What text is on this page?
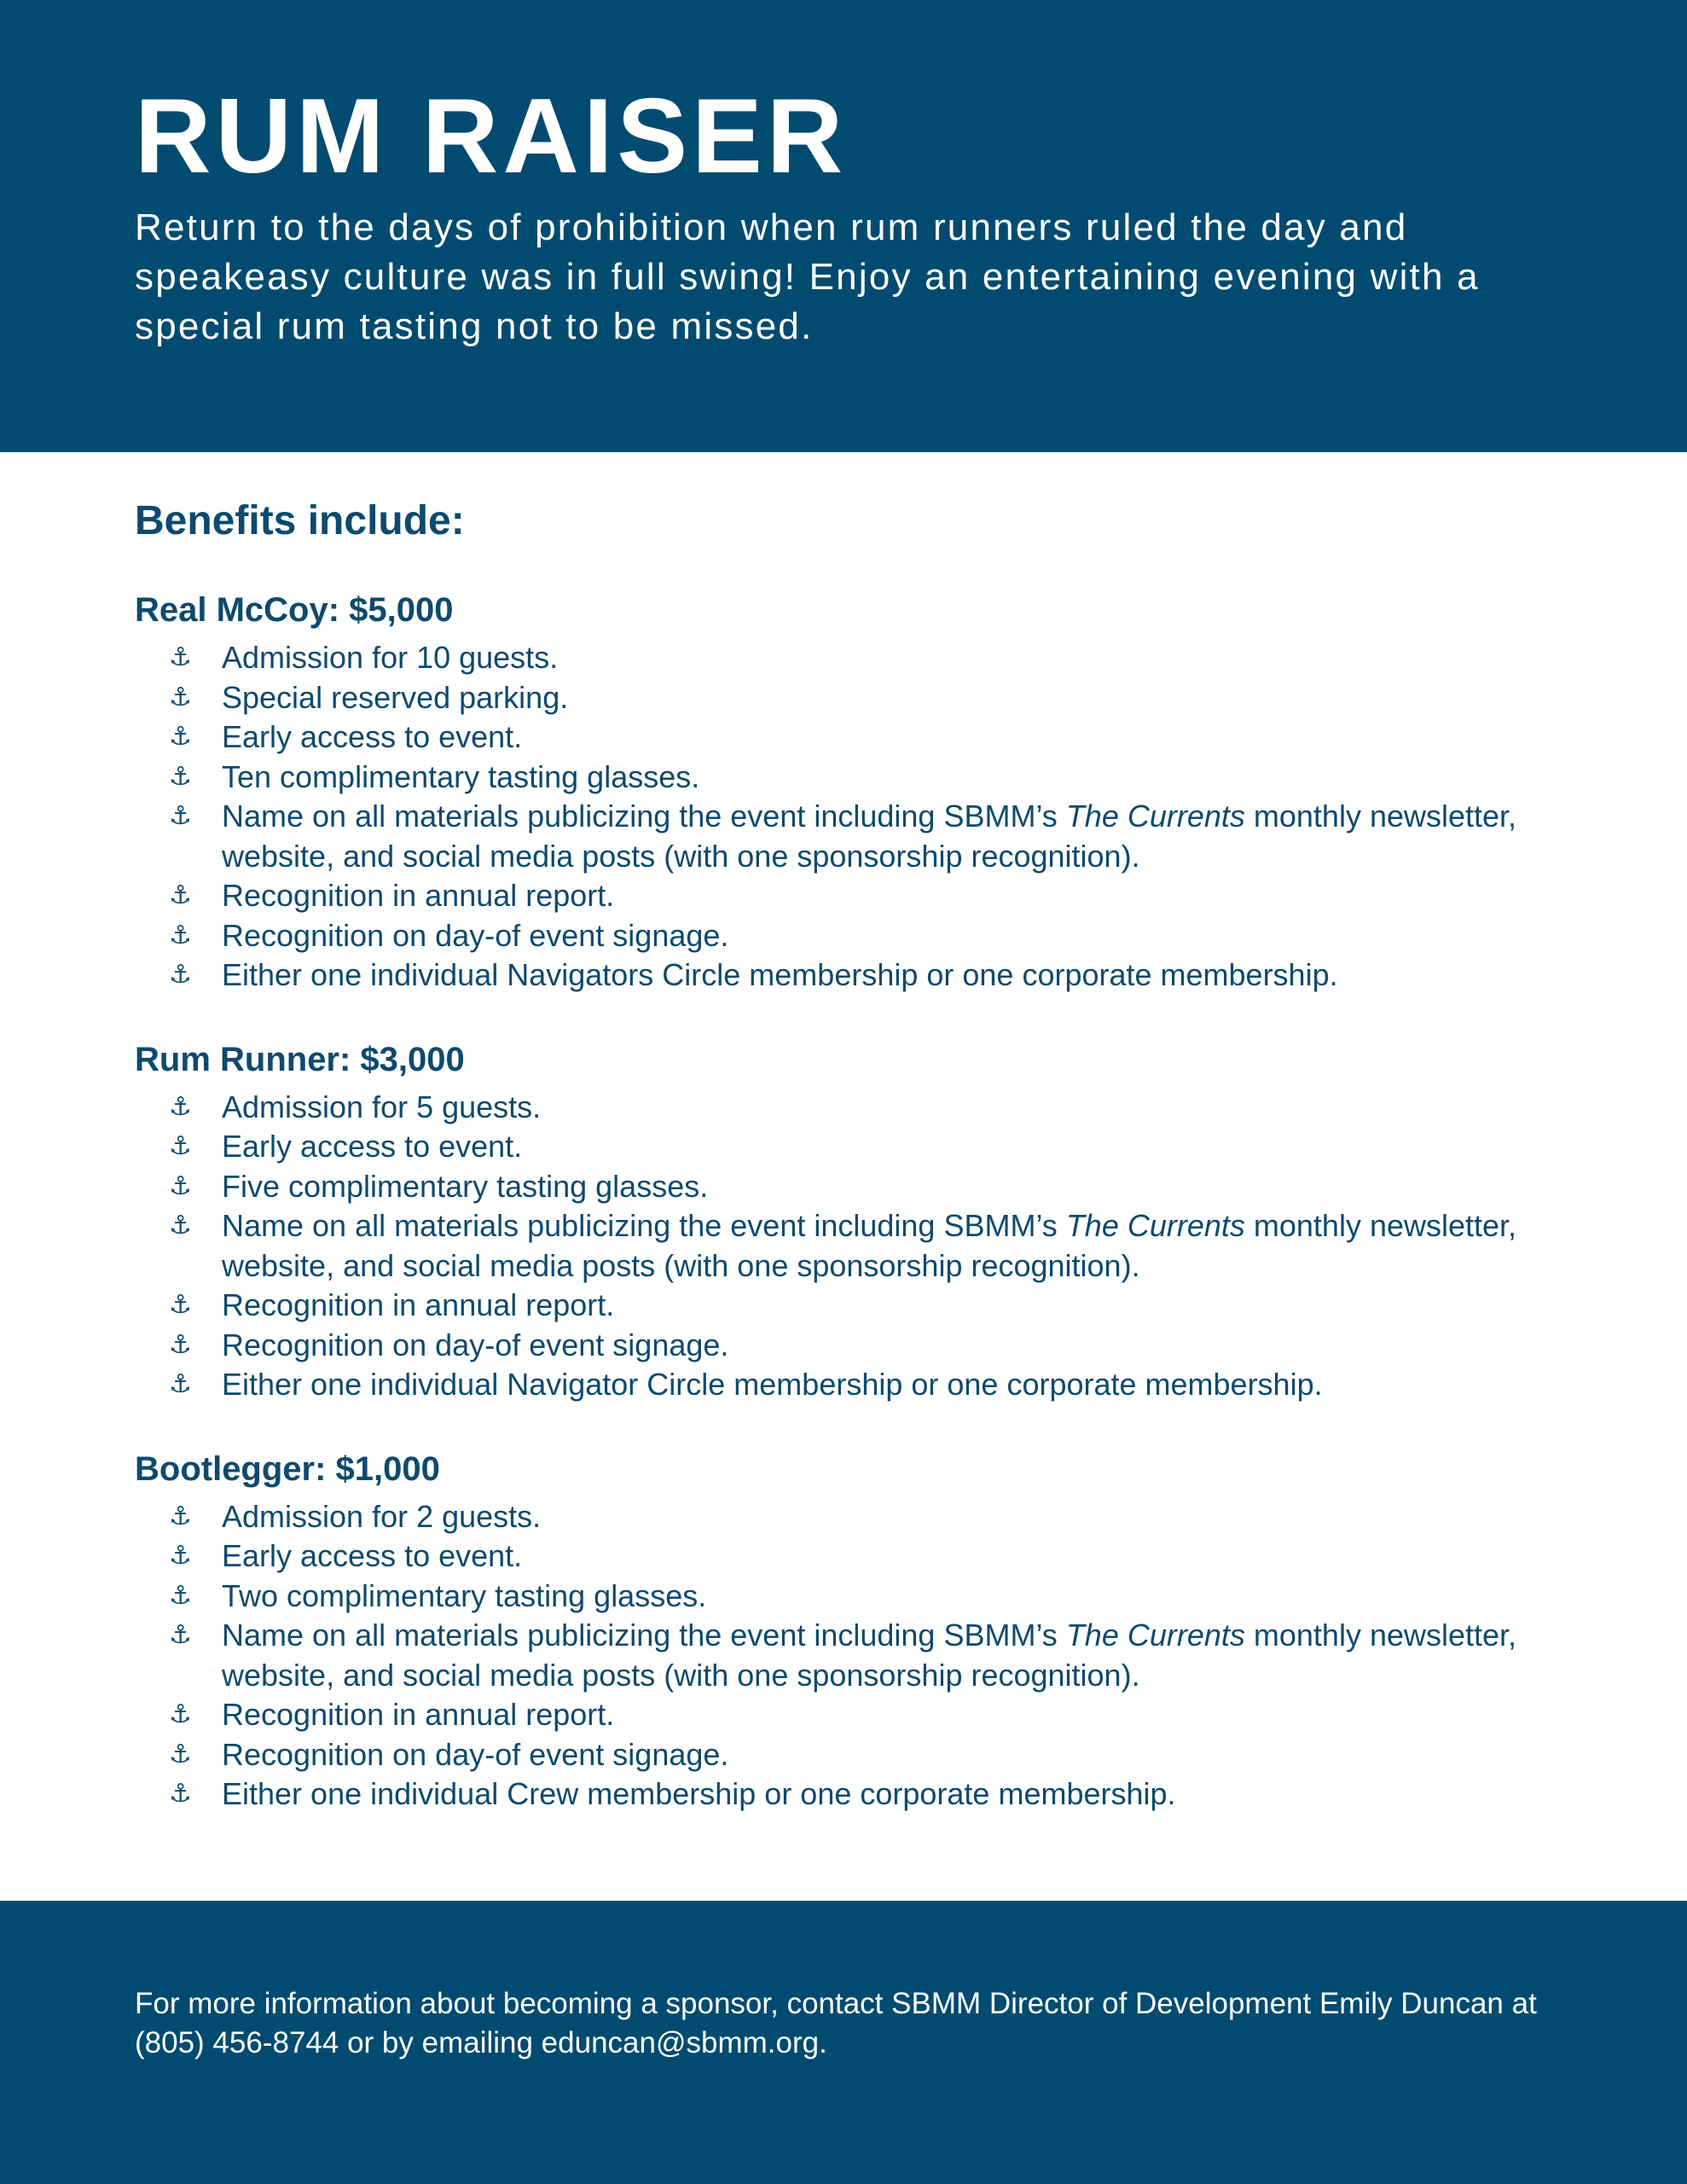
RUM RAISER

Return to the days of prohibition when rum runners ruled the day and speakeasy culture was in full swing! Enjoy an entertaining evening with a special rum tasting not to be missed.

Benefits include:
Real McCoy: $5,000
⚓ Admission for 10 guests.
⚓ Special reserved parking.
⚓ Early access to event.
⚓ Ten complimentary tasting glasses.
⚓ Name on all materials publicizing the event including SBMM’s The Currents monthly newsletter, website, and social media posts (with one sponsorship recognition).
⚓ Recognition in annual report.
⚓ Recognition on day-of event signage.
⚓ Either one individual Navigators Circle membership or one corporate membership.
Rum Runner: $3,000
⚓ Admission for 5 guests.
⚓ Early access to event.
⚓ Five complimentary tasting glasses.
⚓ Name on all materials publicizing the event including SBMM’s The Currents monthly newsletter, website, and social media posts (with one sponsorship recognition).
⚓ Recognition in annual report.
⚓ Recognition on day-of event signage.
⚓ Either one individual Navigator Circle membership or one corporate membership.
Bootlegger: $1,000
⚓ Admission for 2 guests.
⚓ Early access to event.
⚓ Two complimentary tasting glasses.
⚓ Name on all materials publicizing the event including SBMM’s The Currents monthly newsletter, website, and social media posts (with one sponsorship recognition).
⚓ Recognition in annual report.
⚓ Recognition on day-of event signage.
⚓ Either one individual Crew membership or one corporate membership.

For more information about becoming a sponsor, contact SBMM Director of Development Emily Duncan at (805) 456-8744 or by emailing eduncan@sbmm.org.
